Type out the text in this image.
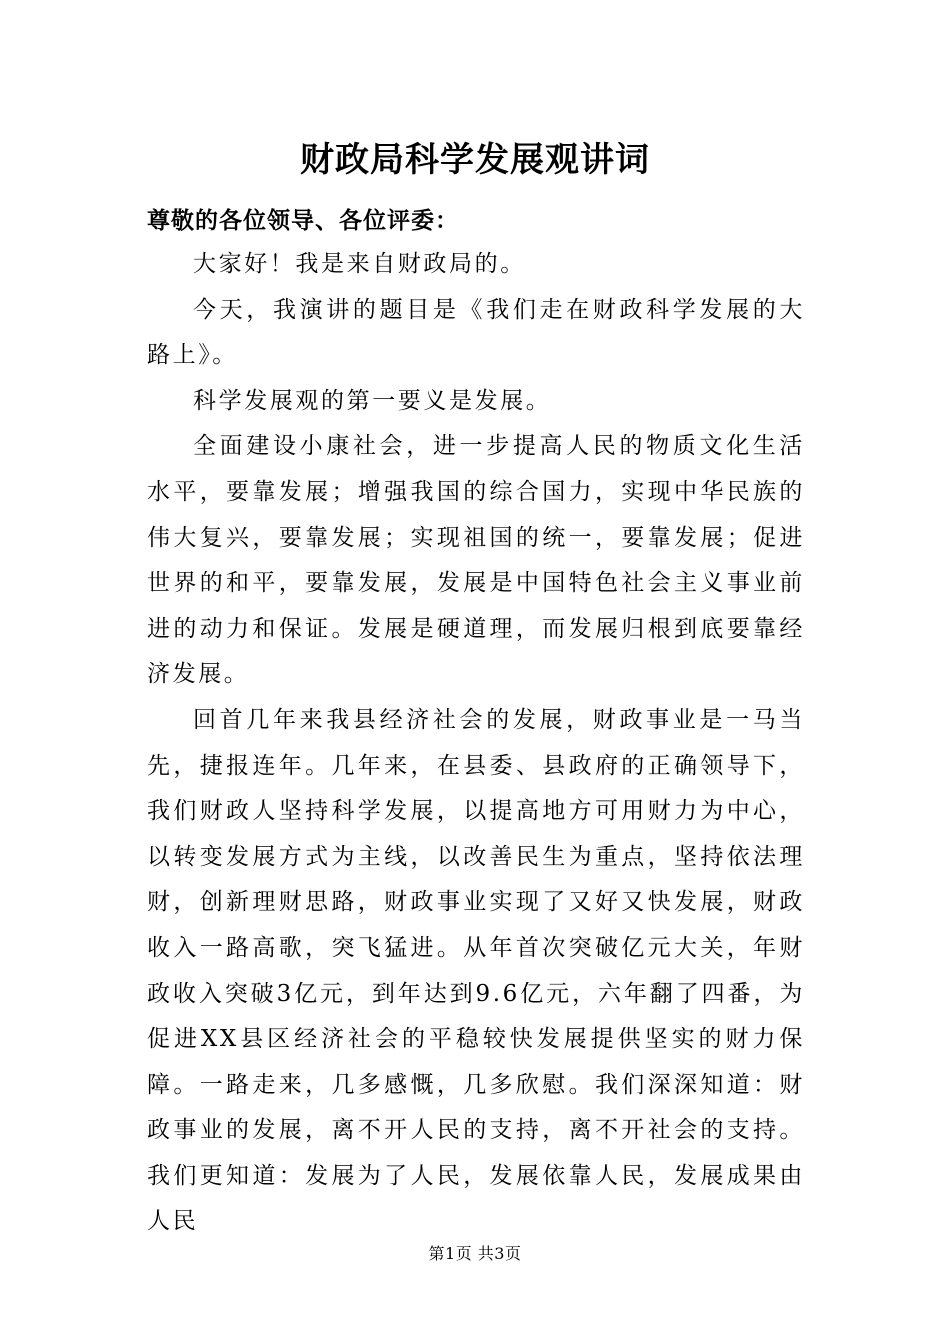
财政局科学发展观讲词

尊敬的各位领导、各位评委：

大家好！我是来自财政局的。

今天，我演讲的题目是《我们走在财政科学发展的大路上》。

科学发展观的第一要义是发展。

全面建设小康社会，进一步提高人民的物质文化生活水平，要靠发展；增强我国的综合国力，实现中华民族的伟大复兴，要靠发展；实现祖国的统一，要靠发展；促进世界的和平，要靠发展，发展是中国特色社会主义事业前进的动力和保证。发展是硬道理，而发展归根到底要靠经济发展。

回首几年来我县经济社会的发展，财政事业是一马当先，捷报连年。几年来，在县委、县政府的正确领导下，我们财政人坚持科学发展，以提高地方可用财力为中心，以转变发展方式为主线，以改善民生为重点，坚持依法理财，创新理财思路，财政事业实现了又好又快发展，财政收入一路高歌，突飞猛进。从年首次突破亿元大关，年财政收入突破3亿元，到年达到9.6亿元，六年翻了四番，为促进XX县区经济社会的平稳较快发展提供坚实的财力保障。一路走来，几多感慨，几多欣慰。我们深深知道：财政事业的发展，离不开人民的支持，离不开社会的支持。我们更知道：发展为了人民，发展依靠人民，发展成果由人民

第1页 共3页
